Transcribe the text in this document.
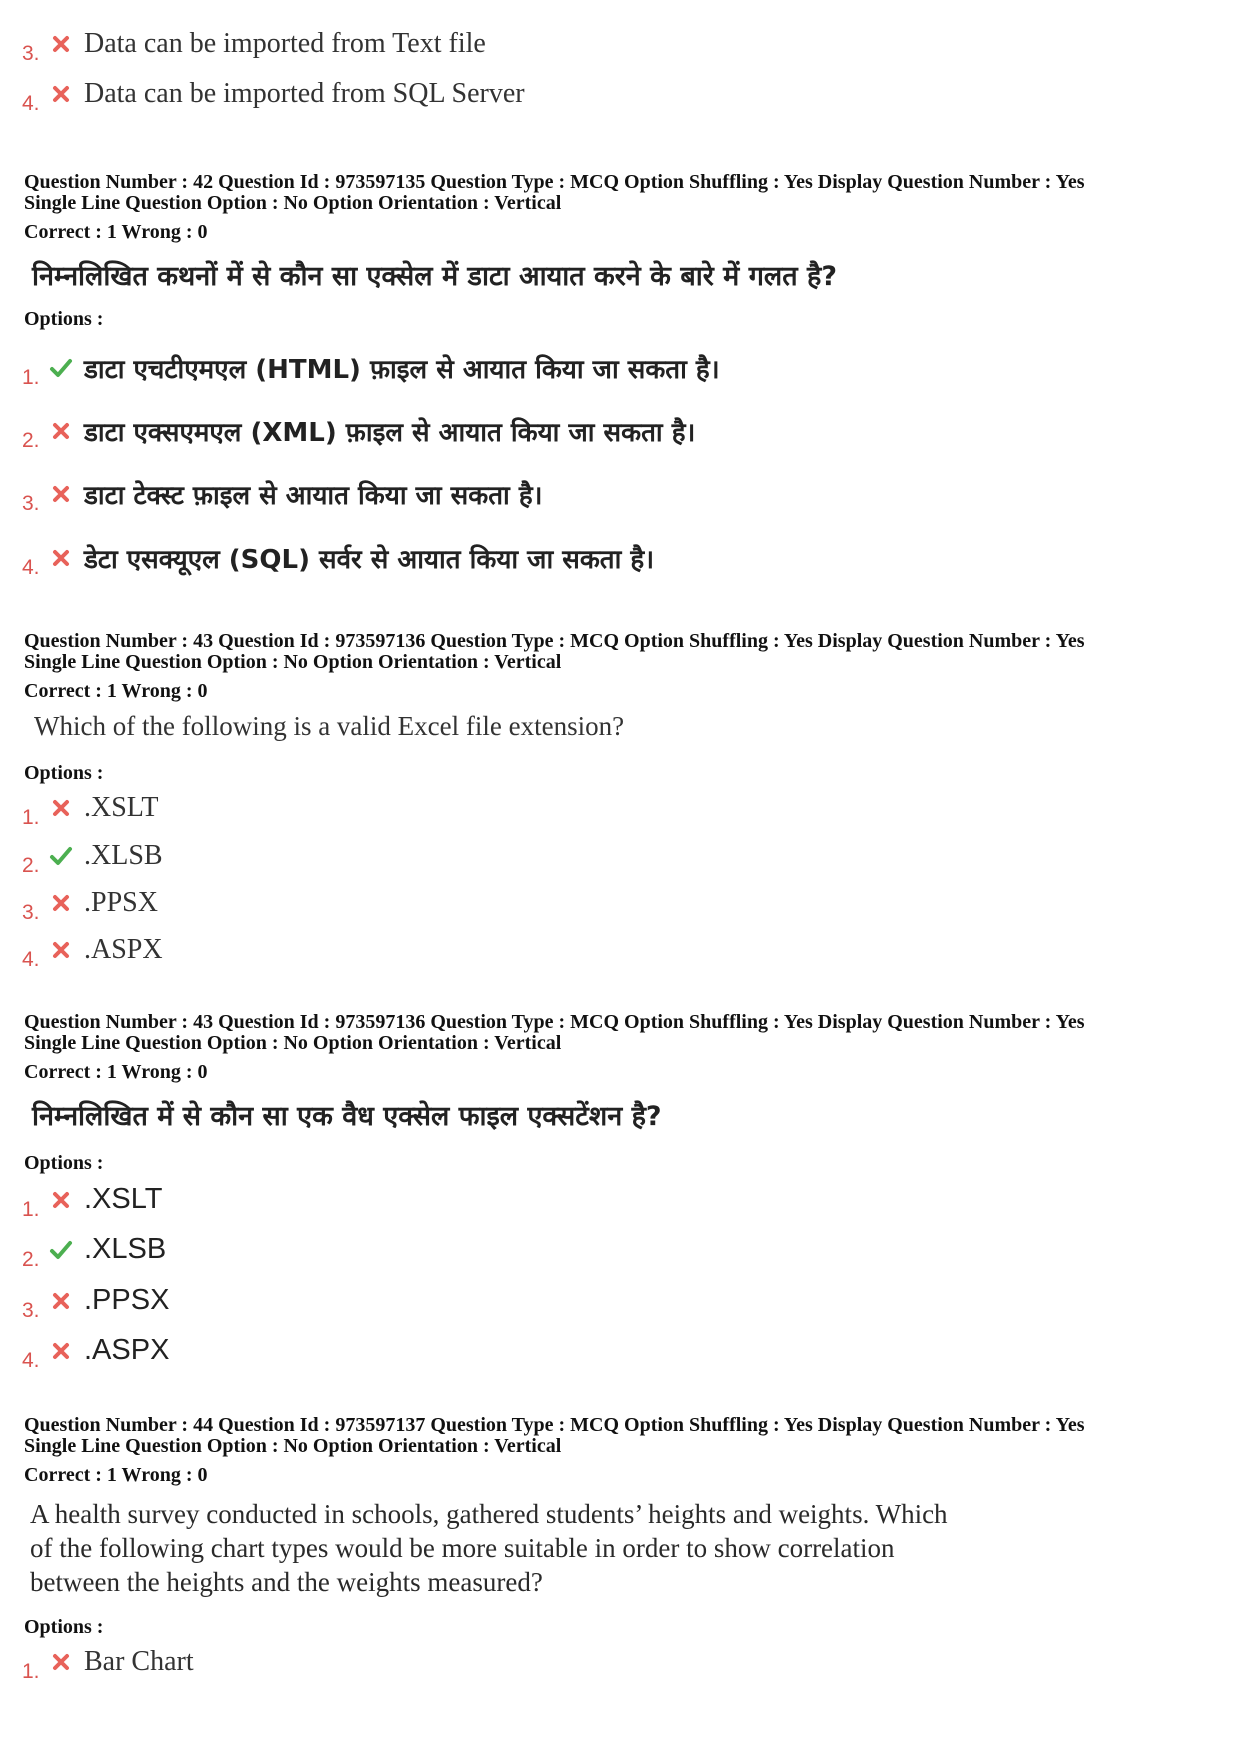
3. Data can be imported from Text file
4. Data can be imported from SQL Server
Question Number : 42 Question Id : 973597135 Question Type : MCQ Option Shuffling : Yes Display Question Number : Yes
Single Line Question Option : No Option Orientation : Vertical
Correct : 1 Wrong : 0
निम्नलिखित कथनों में से कौन सा एक्सेल में डाटा आयात करने के बारे में गलत है?
Options :
1. डाटा एचटीएमएल (HTML) फ़ाइल से आयात किया जा सकता है।
2. डाटा एक्सएमएल (XML) फ़ाइल से आयात किया जा सकता है।
3. डाटा टेक्स्ट फ़ाइल से आयात किया जा सकता है।
4. डेटा एसक्यूएल (SQL) सर्वर से आयात किया जा सकता है।
Question Number : 43 Question Id : 973597136 Question Type : MCQ Option Shuffling : Yes Display Question Number : Yes
Single Line Question Option : No Option Orientation : Vertical
Correct : 1 Wrong : 0
Which of the following is a valid Excel file extension?
Options :
1. .XSLT
2. .XLSB
3. .PPSX
4. .ASPX
Question Number : 43 Question Id : 973597136 Question Type : MCQ Option Shuffling : Yes Display Question Number : Yes
Single Line Question Option : No Option Orientation : Vertical
Correct : 1 Wrong : 0
निम्नलिखित में से कौन सा एक वैध एक्सेल फाइल एक्सटेंशन है?
Options :
1. .XSLT
2. .XLSB
3. .PPSX
4. .ASPX
Question Number : 44 Question Id : 973597137 Question Type : MCQ Option Shuffling : Yes Display Question Number : Yes
Single Line Question Option : No Option Orientation : Vertical
Correct : 1 Wrong : 0
A health survey conducted in schools, gathered students’ heights and weights. Which
of the following chart types would be more suitable in order to show correlation
between the heights and the weights measured?
Options :
1. Bar Chart
